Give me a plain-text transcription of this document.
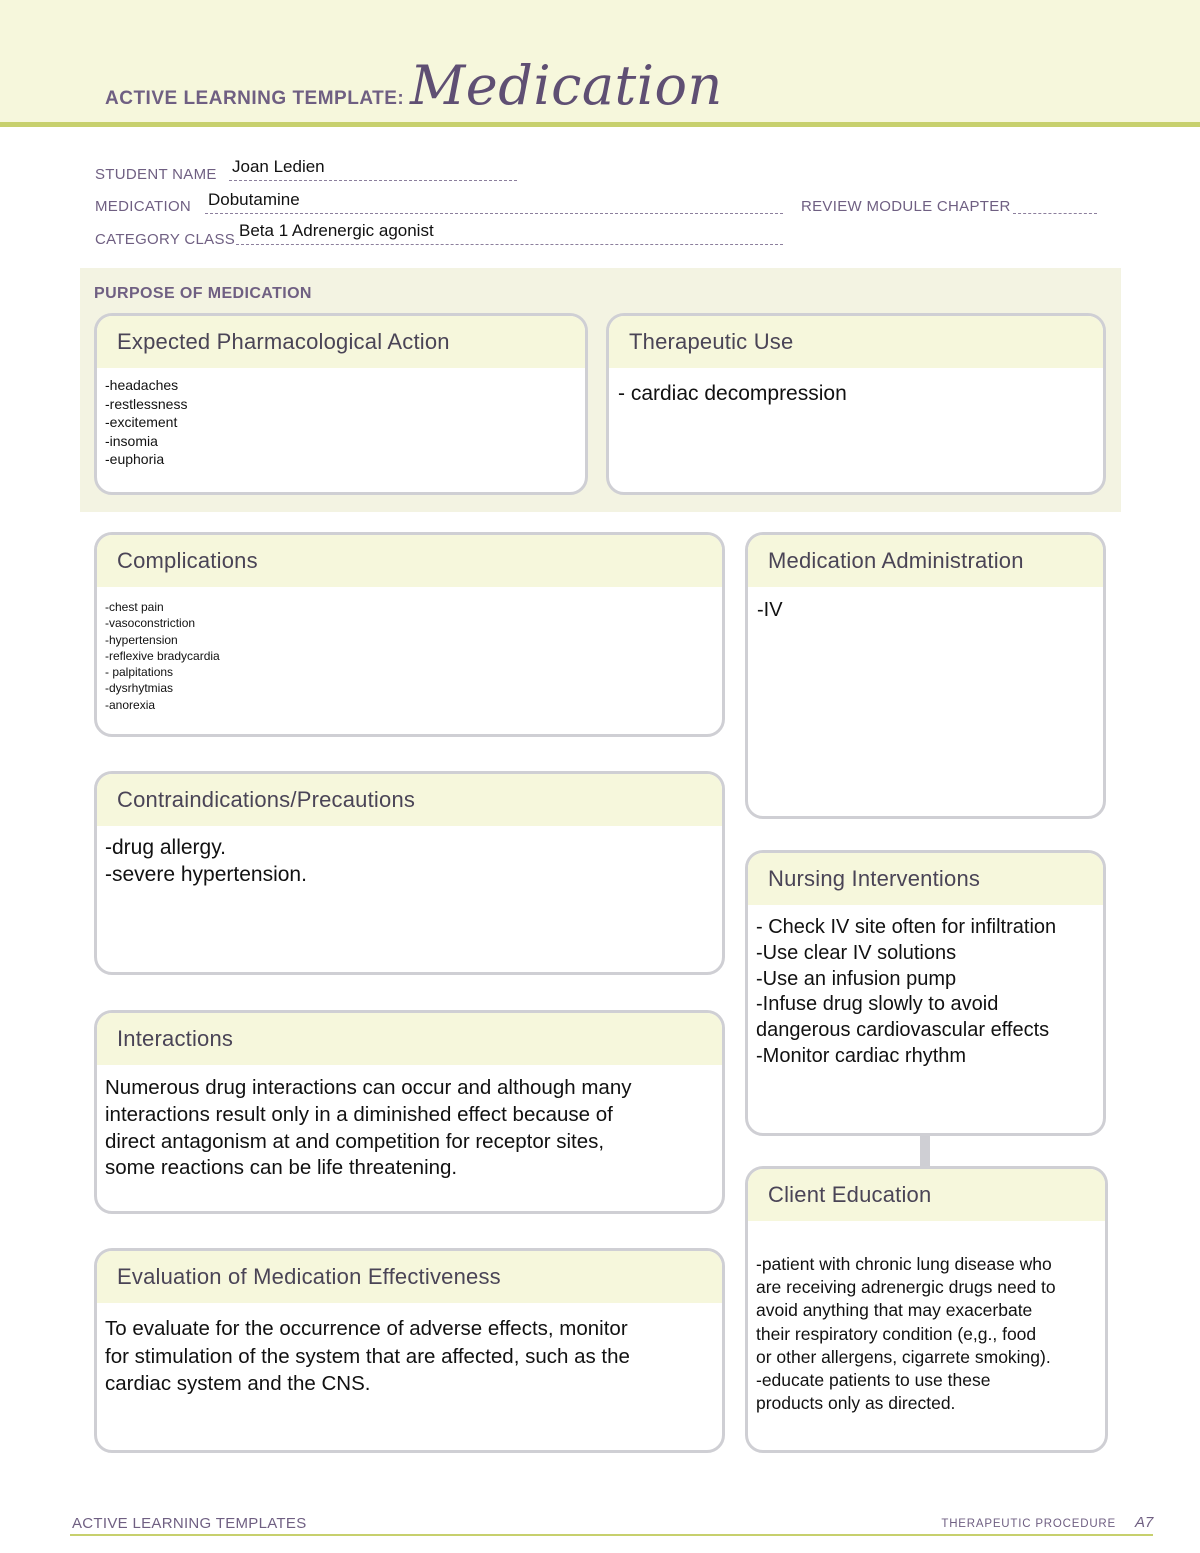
ACTIVE LEARNING TEMPLATE: Medication
STUDENT NAME Joan Ledien
MEDICATION Dobutamine	REVIEW MODULE CHAPTER
CATEGORY CLASS Beta 1 Adrenergic agonist
PURPOSE OF MEDICATION
Expected Pharmacological Action
-headaches
-restlessness
-excitement
-insomia
-euphoria
Therapeutic Use
- cardiac decompression
Complications
-chest pain
-vasoconstriction
-hypertension
-reflexive bradycardia
- palpitations
-dysrhytmias
-anorexia
Medication Administration
-IV
Contraindications/Precautions
-drug allergy.
-severe hypertension.	Nursing Interventions
- Check IV site often for infiltration
-Use clear IV solutions
-Use an infusion pump
-Infuse drug slowly to avoid
dangerous cardiovascular effects
-Monitor cardiac rhythm
Interactions
Numerous drug interactions can occur and although many
interactions result only in a diminished effect because of
direct antagonism at and competition for receptor sites,
some reactions can be life threatening.
Client Education
-patient with chronic lung disease who
are receiving adrenergic drugs need to
avoid anything that may exacerbate
their respiratory condition (e,g., food
or other allergens, cigarrete smoking).
-educate patients to use these
products only as directed.
Evaluation of Medication Effectiveness
To evaluate for the occurrence of adverse effects, monitor
for stimulation of the system that are affected, such as the
cardiac system and the CNS.
ACTIVE LEARNING TEMPLATES	THERAPEUTIC PROCEDURE A7
